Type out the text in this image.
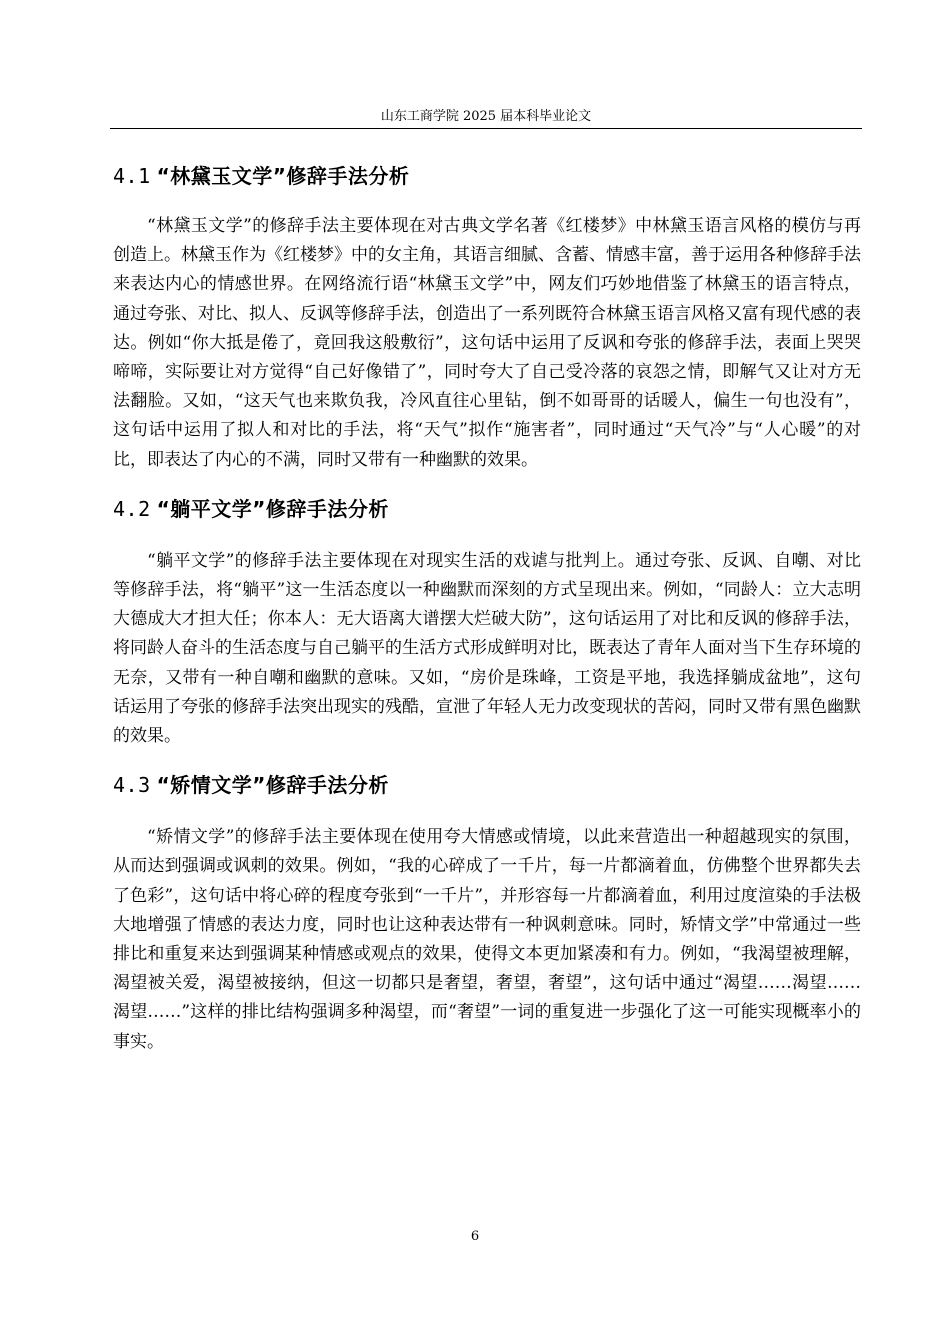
山东工商学院 2025 届本科毕业论文
4.1 “林黛玉文学”修辞手法分析

“林黛玉文学”的修辞手法主要体现在对古典文学名著《红楼梦》中林黛玉语言风格的模仿与再创造上。林黛玉作为《红楼梦》中的女主角，其语言细腻、含蓄、情感丰富，善于运用各种修辞手法来表达内心的情感世界。在网络流行语“林黛玉文学”中，网友们巧妙地借鉴了林黛玉的语言特点，通过夸张、对比、拟人、反讽等修辞手法，创造出了一系列既符合林黛玉语言风格又富有现代感的表达。例如“你大抵是倦了，竟回我这般敷衍”，这句话中运用了反讽和夸张的修辞手法，表面上哭哭啼啼，实际要让对方觉得“自己好像错了”，同时夸大了自己受冷落的哀怨之情，即解气又让对方无法翻脸。又如，“这天气也来欺负我，冷风直往心里钻，倒不如哥哥的话暖人，偏生一句也没有”，这句话中运用了拟人和对比的手法，将“天气”拟作“施害者”，同时通过“天气冷”与“人心暖”的对比，即表达了内心的不满，同时又带有一种幽默的效果。

4.2 “躺平文学”修辞手法分析

“躺平文学”的修辞手法主要体现在对现实生活的戏谑与批判上。通过夸张、反讽、自嘲、对比等修辞手法，将“躺平”这一生活态度以一种幽默而深刻的方式呈现出来。例如，“同龄人：立大志明大德成大才担大任；你本人：无大语离大谱摆大烂破大防”，这句话运用了对比和反讽的修辞手法，将同龄人奋斗的生活态度与自己躺平的生活方式形成鲜明对比，既表达了青年人面对当下生存环境的无奈，又带有一种自嘲和幽默的意味。又如，“房价是珠峰，工资是平地，我选择躺成盆地”，这句话运用了夸张的修辞手法突出现实的残酷，宣泄了年轻人无力改变现状的苦闷，同时又带有黑色幽默的效果。

4.3 “矫情文学”修辞手法分析

“矫情文学”的修辞手法主要体现在使用夸大情感或情境，以此来营造出一种超越现实的氛围，从而达到强调或讽刺的效果。例如，“我的心碎成了一千片，每一片都滴着血，仿佛整个世界都失去了色彩”，这句话中将心碎的程度夸张到“一千片”，并形容每一片都滴着血，利用过度渲染的手法极大地增强了情感的表达力度，同时也让这种表达带有一种讽刺意味。同时，矫情文学”中常通过一些排比和重复来达到强调某种情感或观点的效果，使得文本更加紧凑和有力。例如，“我渴望被理解，渴望被关爱，渴望被接纳，但这一切都只是奢望，奢望，奢望”，这句话中通过“渴望……渴望……渴望……”这样的排比结构强调多种渴望，而“奢望”一词的重复进一步强化了这一可能实现概率小的事实。

6
